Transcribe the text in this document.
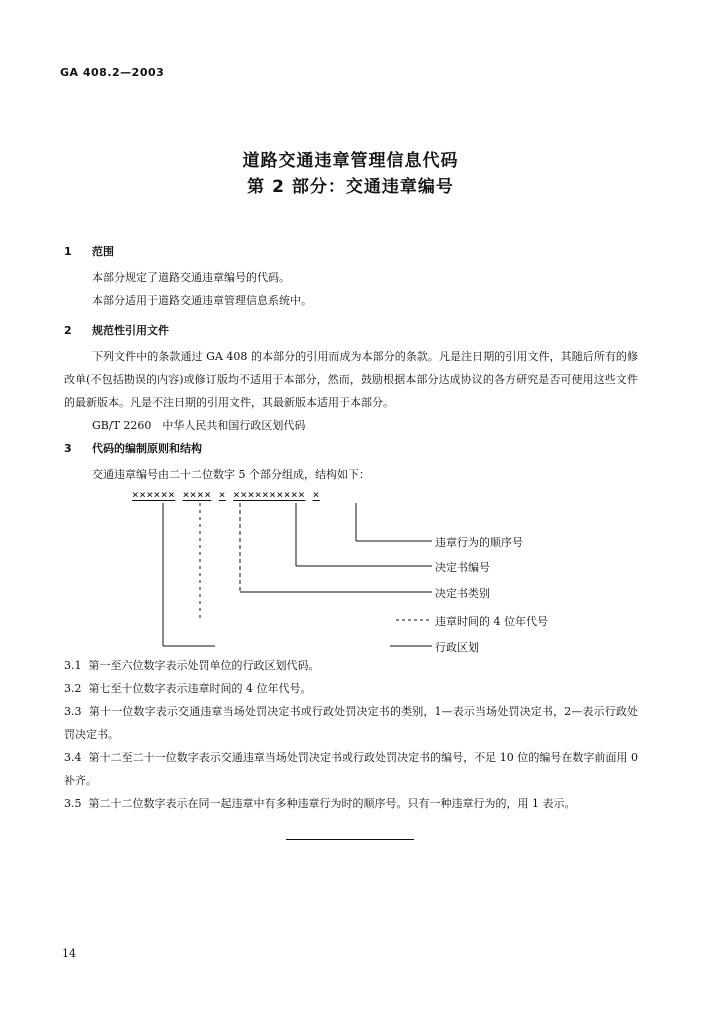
GA 408.2—2003
道路交通违章管理信息代码
第 2 部分：交通违章编号
1 范围
本部分规定了道路交通违章编号的代码。
本部分适用于道路交通违章管理信息系统中。
2 规范性引用文件
下列文件中的条款通过 GA 408 的本部分的引用而成为本部分的条款。凡是注日期的引用文件，其随后所有的修改单(不包括勘误的内容)或修订版均不适用于本部分，然而，鼓励根据本部分达成协议的各方研究是否可使用这些文件的最新版本。凡是不注日期的引用文件，其最新版本适用于本部分。
GB/T 2260　中华人民共和国行政区划代码
3 代码的编制原则和结构
交通违章编号由二十二位数字 5 个部分组成，结构如下：
××××××  ××××  ×  ××××××××××  ×
违章行为的顺序号
决定书编号
决定书类别
违章时间的 4 位年代号
行政区划
3.1 第一至六位数字表示处罚单位的行政区划代码。
3.2 第七至十位数字表示违章时间的 4 位年代号。
3.3 第十一位数字表示交通违章当场处罚决定书或行政处罚决定书的类别，1—表示当场处罚决定书，2—表示行政处罚决定书。
3.4 第十二至二十一位数字表示交通违章当场处罚决定书或行政处罚决定书的编号，不足 10 位的编号在数字前面用 0 补齐。
3.5 第二十二位数字表示在同一起违章中有多种违章行为时的顺序号。只有一种违章行为的，用 1 表示。
14
